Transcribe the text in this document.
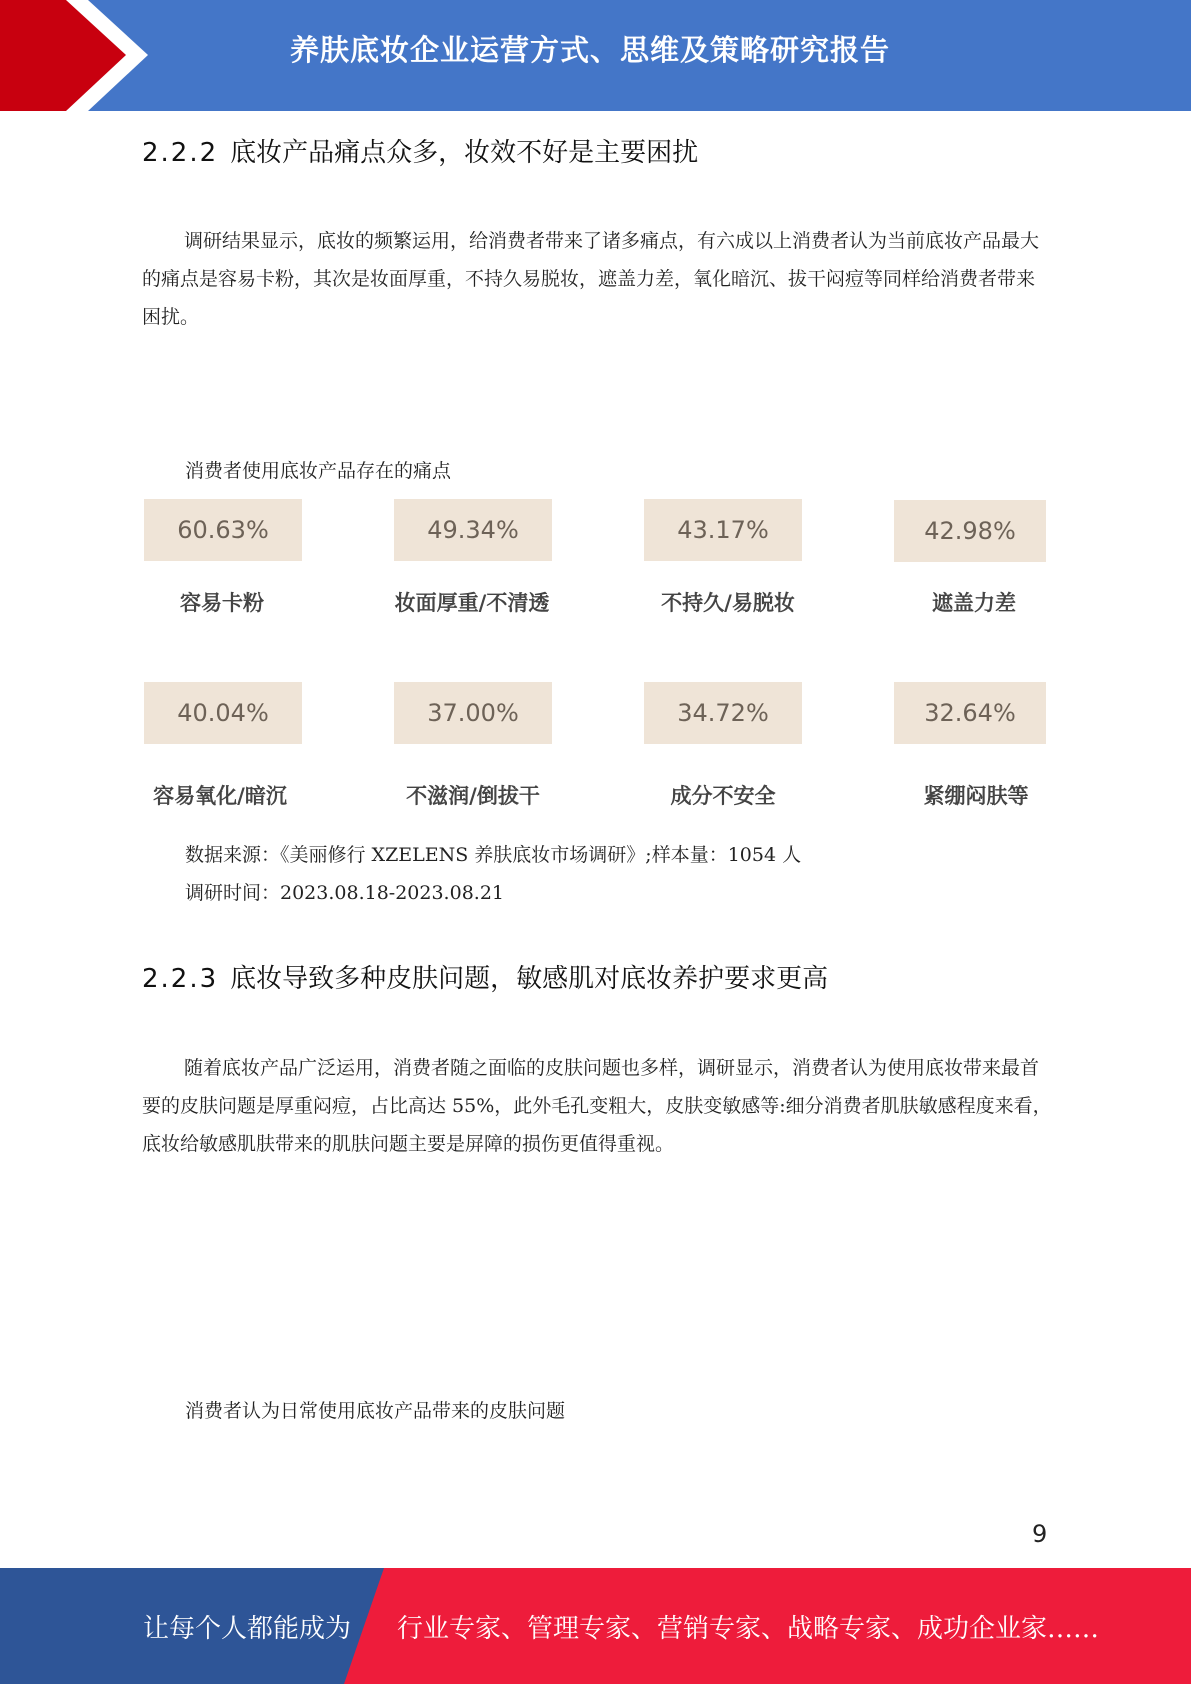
养肤底妆企业运营方式、思维及策略研究报告
2.2.2 底妆产品痛点众多，妆效不好是主要困扰

调研结果显示，底妆的频繁运用，给消费者带来了诸多痛点，有六成以上消费者认为当前底妆产品最大的痛点是容易卡粉，其次是妆面厚重，不持久易脱妆，遮盖力差，氧化暗沉、拔干闷痘等同样给消费者带来困扰。

消费者使用底妆产品存在的痛点
60.63%	49.34%	43.17%	42.98%
容易卡粉	妆面厚重/不清透	不持久/易脱妆	遮盖力差
40.04%	37.00%	34.72%	32.64%
容易氧化/暗沉	不滋润/倒拔干	成分不安全	紧绷闷肤等
数据来源：《美丽修行 XZELENS 养肤底妆市场调研》;样本量：1054 人
调研时间：2023.08.18-2023.08.21
2.2.3 底妆导致多种皮肤问题，敏感肌对底妆养护要求更高

随着底妆产品广泛运用，消费者随之面临的皮肤问题也多样，调研显示，消费者认为使用底妆带来最首要的皮肤问题是厚重闷痘，占比高达 55%，此外毛孔变粗大，皮肤变敏感等:细分消费者肌肤敏感程度来看，底妆给敏感肌肤带来的肌肤问题主要是屏障的损伤更值得重视。

消费者认为日常使用底妆产品带来的皮肤问题
9
让每个人都能成为 行业专家、管理专家、营销专家、战略专家、成功企业家……
